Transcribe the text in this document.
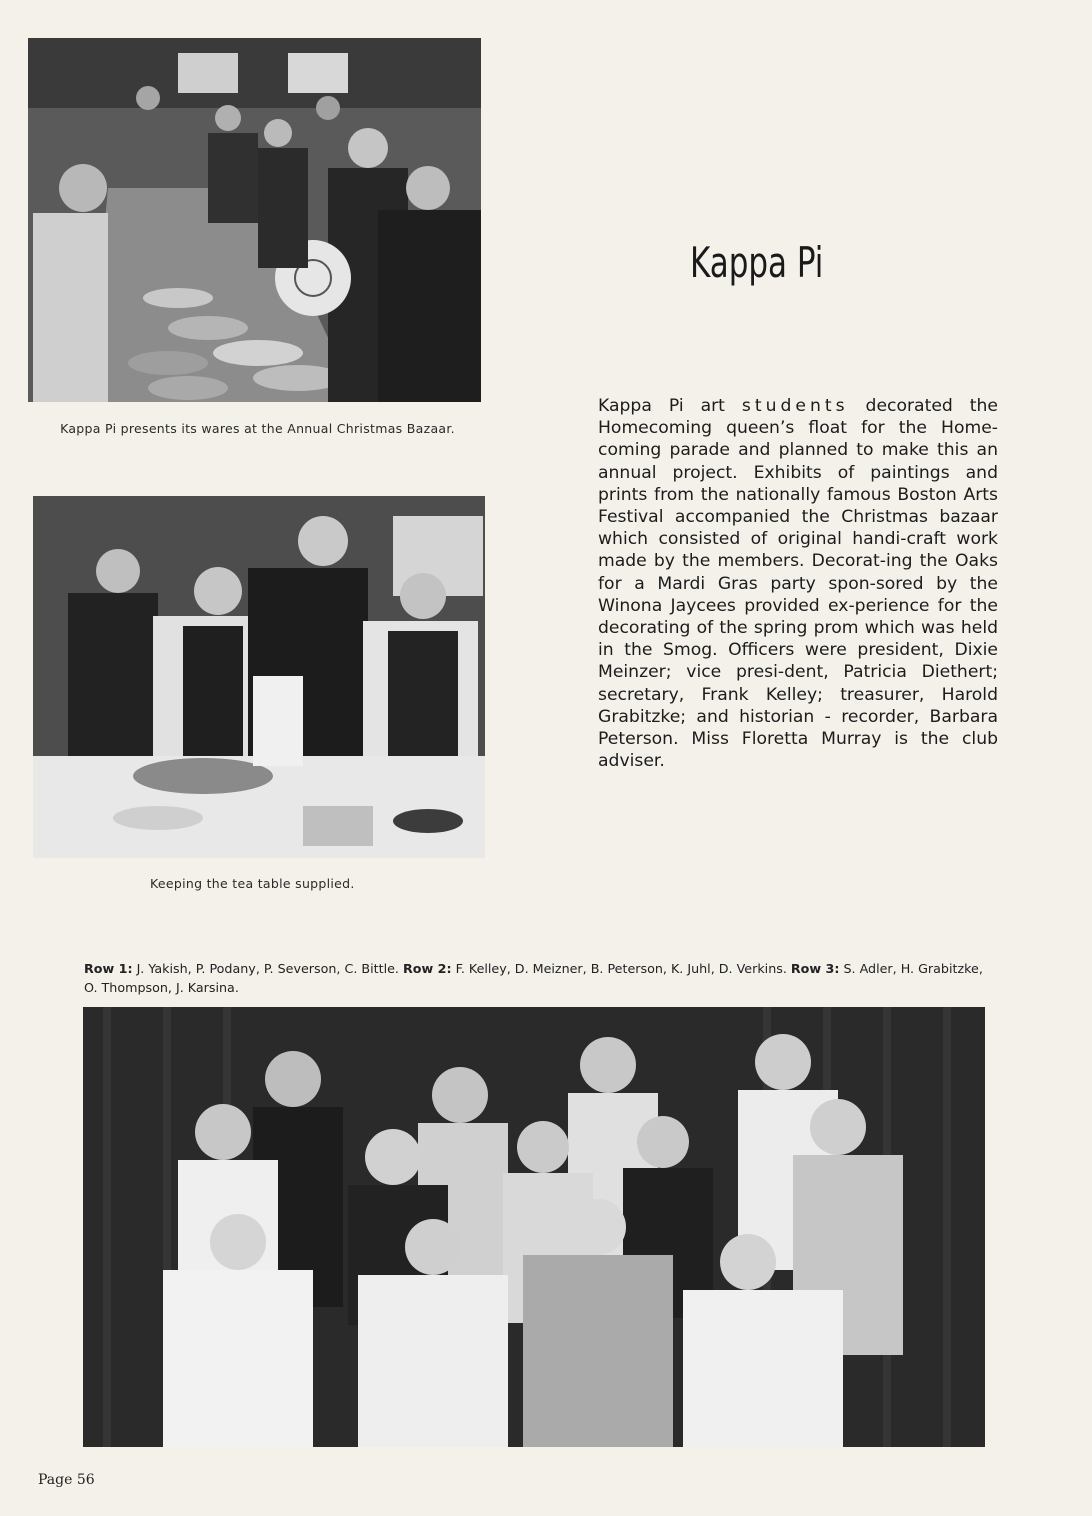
Kappa Pi presents its wares at the Annual Christmas Bazaar.
Kappa Pi
Keeping the tea table supplied.
Kappa Pi art students decorated the Homecoming queen’s float for the Home-coming parade and planned to make this an annual project. Exhibits of paintings and prints from the nationally famous Boston Arts Festival accompanied the Christmas bazaar which consisted of original handi-craft work made by the members. Decorat-ing the Oaks for a Mardi Gras party spon-sored by the Winona Jaycees provided ex-perience for the decorating of the spring prom which was held in the Smog. Officers were president, Dixie Meinzer; vice presi-dent, Patricia Diethert; secretary, Frank Kelley; treasurer, Harold Grabitzke; and historian - recorder, Barbara Peterson. Miss Floretta Murray is the club adviser.
Row 1: J. Yakish, P. Podany, P. Severson, C. Bittle. Row 2: F. Kelley, D. Meizner, B. Peterson, K. Juhl, D. Verkins. Row 3: S. Adler, H. Grabitzke, O. Thompson, J. Karsina.
Page 56
